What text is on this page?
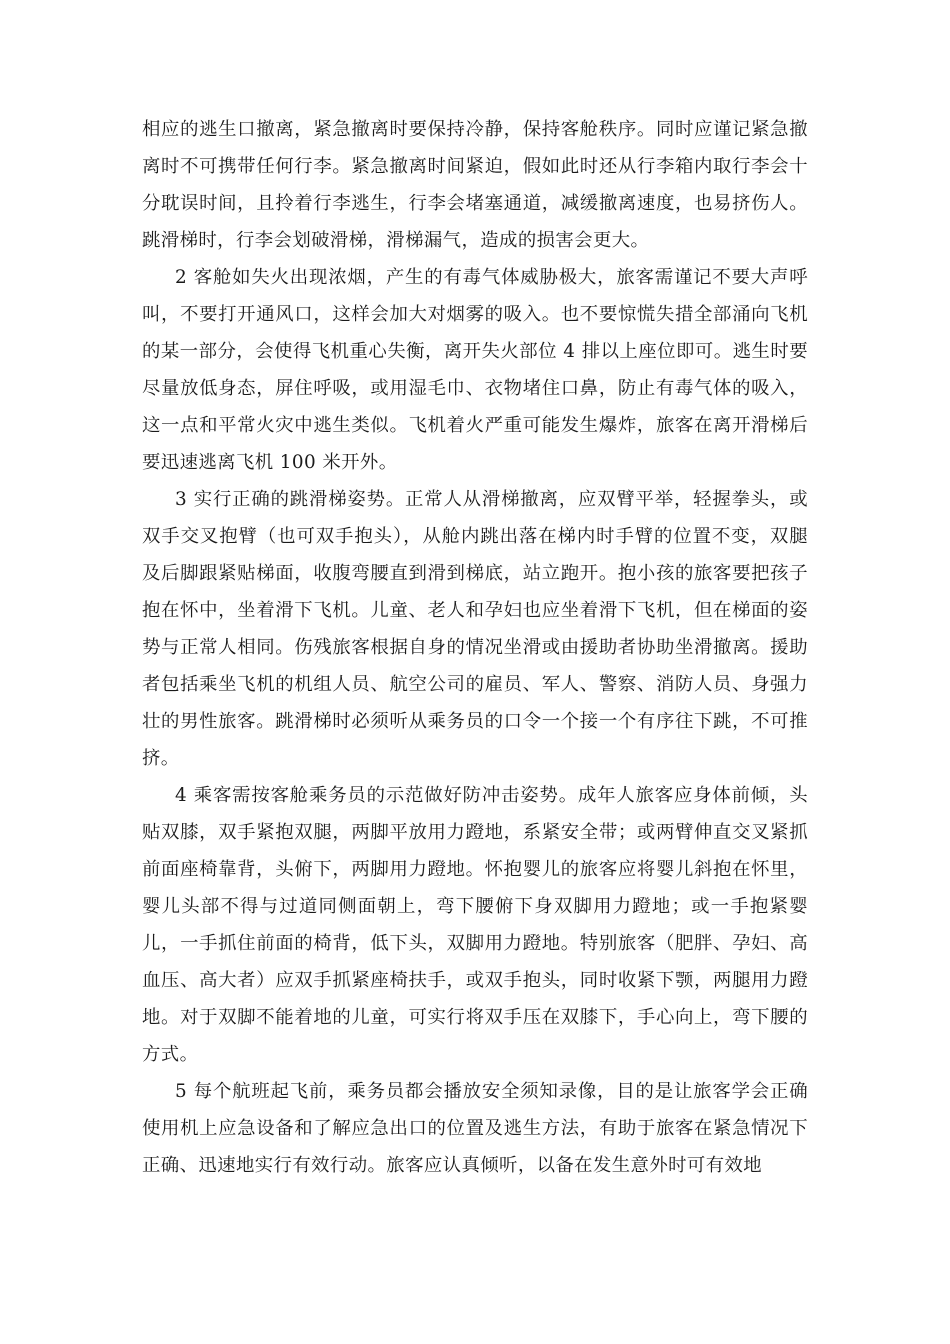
相应的逃生口撤离，紧急撤离时要保持冷静，保持客舱秩序。同时应谨记紧急撤离时不可携带任何行李。紧急撤离时间紧迫，假如此时还从行李箱内取行李会十分耽误时间，且拎着行李逃生，行李会堵塞通道，减缓撤离速度，也易挤伤人。跳滑梯时，行李会划破滑梯，滑梯漏气，造成的损害会更大。

2 客舱如失火出现浓烟，产生的有毒气体威胁极大，旅客需谨记不要大声呼叫，不要打开通风口，这样会加大对烟雾的吸入。也不要惊慌失措全部涌向飞机的某一部分，会使得飞机重心失衡，离开失火部位 4 排以上座位即可。逃生时要尽量放低身态，屏住呼吸，或用湿毛巾、衣物堵住口鼻，防止有毒气体的吸入，这一点和平常火灾中逃生类似。飞机着火严重可能发生爆炸，旅客在离开滑梯后要迅速逃离飞机 100 米开外。

3 实行正确的跳滑梯姿势。正常人从滑梯撤离，应双臂平举，轻握拳头，或双手交叉抱臂（也可双手抱头），从舱内跳出落在梯内时手臂的位置不变，双腿及后脚跟紧贴梯面，收腹弯腰直到滑到梯底，站立跑开。抱小孩的旅客要把孩子抱在怀中，坐着滑下飞机。儿童、老人和孕妇也应坐着滑下飞机，但在梯面的姿势与正常人相同。伤残旅客根据自身的情况坐滑或由援助者协助坐滑撤离。援助者包括乘坐飞机的机组人员、航空公司的雇员、军人、警察、消防人员、身强力壮的男性旅客。跳滑梯时必须听从乘务员的口令一个接一个有序往下跳，不可推挤。

4 乘客需按客舱乘务员的示范做好防冲击姿势。成年人旅客应身体前倾，头贴双膝，双手紧抱双腿，两脚平放用力蹬地，系紧安全带；或两臂伸直交叉紧抓前面座椅靠背，头俯下，两脚用力蹬地。怀抱婴儿的旅客应将婴儿斜抱在怀里，婴儿头部不得与过道同侧面朝上，弯下腰俯下身双脚用力蹬地；或一手抱紧婴儿，一手抓住前面的椅背，低下头，双脚用力蹬地。特别旅客（肥胖、孕妇、高血压、高大者）应双手抓紧座椅扶手，或双手抱头，同时收紧下颚，两腿用力蹬地。对于双脚不能着地的儿童，可实行将双手压在双膝下，手心向上，弯下腰的方式。

5 每个航班起飞前，乘务员都会播放安全须知录像，目的是让旅客学会正确使用机上应急设备和了解应急出口的位置及逃生方法，有助于旅客在紧急情况下正确、迅速地实行有效行动。旅客应认真倾听，以备在发生意外时可有效地
